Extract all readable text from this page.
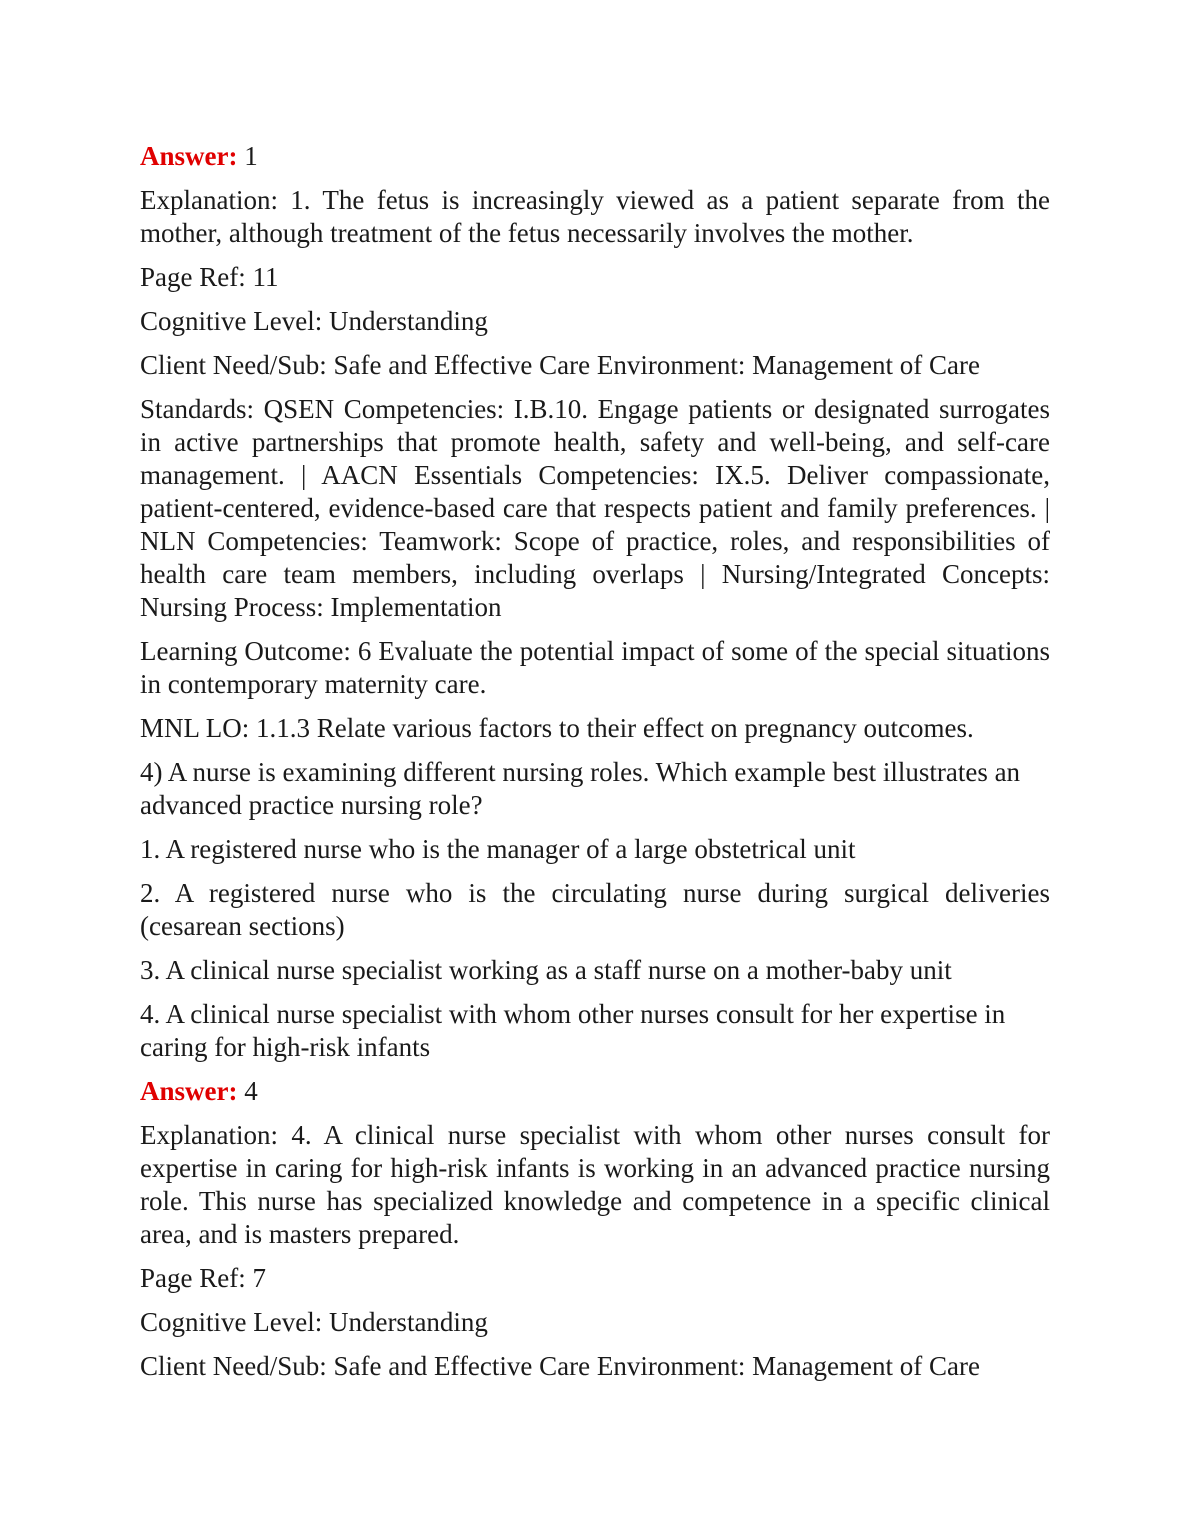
Answer: 1

Explanation: 1. The fetus is increasingly viewed as a patient separate from the mother, although treatment of the fetus necessarily involves the mother.

Page Ref: 11

Cognitive Level: Understanding

Client Need/Sub: Safe and Effective Care Environment: Management of Care

Standards: QSEN Competencies: I.B.10. Engage patients or designated surrogates in active partnerships that promote health, safety and well-being, and self-care management. | AACN Essentials Competencies: IX.5. Deliver compassionate, patient-centered, evidence-based care that respects patient and family preferences. | NLN Competencies: Teamwork: Scope of practice, roles, and responsibilities of health care team members, including overlaps | Nursing/Integrated Concepts: Nursing Process: Implementation

Learning Outcome: 6 Evaluate the potential impact of some of the special situations in contemporary maternity care.

MNL LO: 1.1.3 Relate various factors to their effect on pregnancy outcomes.

4) A nurse is examining different nursing roles. Which example best illustrates an advanced practice nursing role?

1. A registered nurse who is the manager of a large obstetrical unit

2. A registered nurse who is the circulating nurse during surgical deliveries (cesarean sections)

3. A clinical nurse specialist working as a staff nurse on a mother-baby unit

4. A clinical nurse specialist with whom other nurses consult for her expertise in caring for high-risk infants

Answer: 4

Explanation: 4. A clinical nurse specialist with whom other nurses consult for expertise in caring for high-risk infants is working in an advanced practice nursing role. This nurse has specialized knowledge and competence in a specific clinical area, and is masters prepared.

Page Ref: 7

Cognitive Level: Understanding

Client Need/Sub: Safe and Effective Care Environment: Management of Care
